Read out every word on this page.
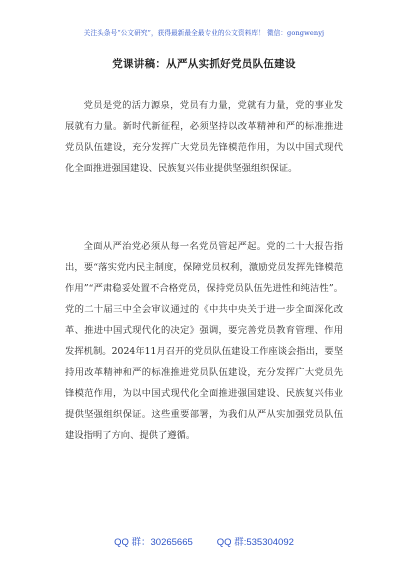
关注头条号“公文研究”，获得最新最全最专业的公文资料库！ 微信：gongwenyj
党课讲稿：从严从实抓好党员队伍建设

党员是党的活力源泉，党员有力量，党就有力量，党的事业发展就有力量。新时代新征程，必须坚持以改革精神和严的标准推进党员队伍建设，充分发挥广大党员先锋模范作用，为以中国式现代化全面推进强国建设、民族复兴伟业提供坚强组织保证。

全面从严治党必须从每一名党员管起严起。党的二十大报告指出，要“落实党内民主制度，保障党员权利，激励党员发挥先锋模范作用”“严肃稳妥处置不合格党员，保持党员队伍先进性和纯洁性”。党的二十届三中全会审议通过的《中共中央关于进一步全面深化改革、推进中国式现代化的决定》强调，要完善党员教育管理、作用发挥机制。2024年11月召开的党员队伍建设工作座谈会指出，要坚持用改革精神和严的标准推进党员队伍建设，充分发挥广大党员先锋模范作用，为以中国式现代化全面推进强国建设、民族复兴伟业提供坚强组织保证。这些重要部署，为我们从严从实加强党员队伍建设指明了方向、提供了遵循。

QQ 群：30265665	QQ 群:535304092
